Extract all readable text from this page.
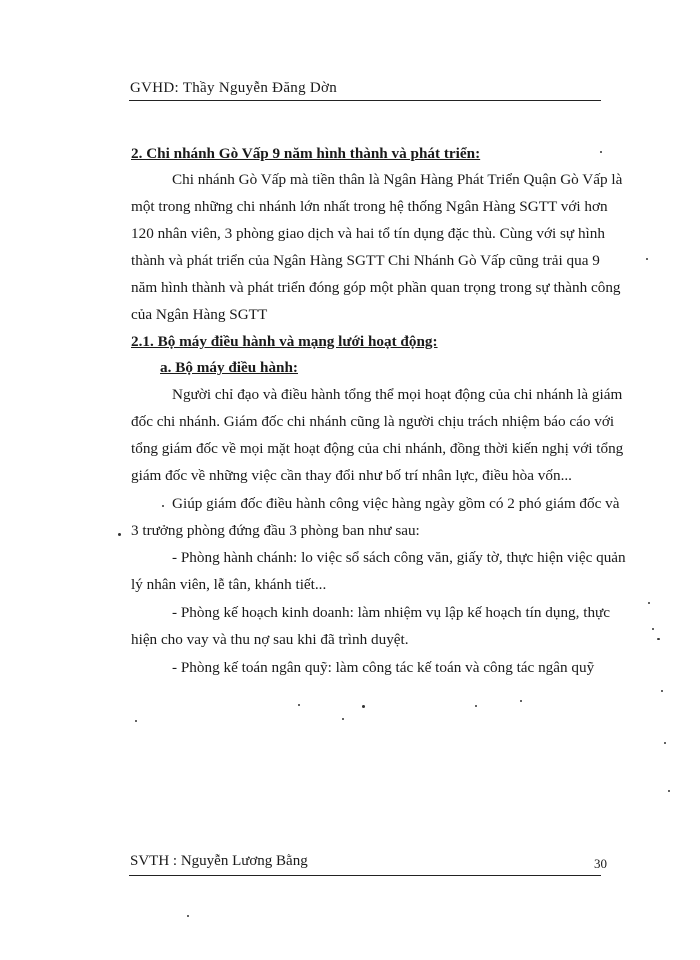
GVHD: Thầy Nguyễn Đăng Dờn
2. Chi nhánh Gò Vấp 9 năm hình thành và phát triển:
Chi nhánh Gò Vấp mà tiền thân là Ngân Hàng Phát Triển Quận Gò Vấp là
một trong những chi nhánh lớn nhất trong hệ thống Ngân Hàng SGTT với hơn
120 nhân viên, 3 phòng giao dịch và hai tổ tín dụng đặc thù. Cùng với sự hình
thành và phát triển của Ngân Hàng SGTT Chi Nhánh Gò Vấp cũng trải qua 9
năm hình thành và phát triển đóng góp một phần quan trọng trong sự thành công
của Ngân Hàng SGTT
2.1. Bộ máy điều hành và mạng lưới hoạt động:
a. Bộ máy điều hành:
Người chỉ đạo và điều hành tổng thể mọi hoạt động của chi nhánh là giám
đốc chi nhánh. Giám đốc chi nhánh cũng là người chịu trách nhiệm báo cáo với
tổng giám đốc về mọi mặt hoạt động của chi nhánh, đồng thời kiến nghị với tổng
giám đốc về những việc cần thay đổi như bố trí nhân lực, điều hòa vốn...
Giúp giám đốc điều hành công việc hàng ngày gồm có 2 phó giám đốc và
3 trưởng phòng đứng đầu 3 phòng ban như sau:
- Phòng hành chánh: lo việc sổ sách công văn, giấy tờ, thực hiện việc quản
lý nhân viên, lễ tân, khánh tiết...
- Phòng kế hoạch kinh doanh: làm nhiệm vụ lập kế hoạch tín dụng, thực
hiện cho vay và thu nợ sau khi đã trình duyệt.
- Phòng kế toán ngân quỹ: làm công tác kế toán và công tác ngân quỹ
SVTH : Nguyễn Lương Bằng	30
